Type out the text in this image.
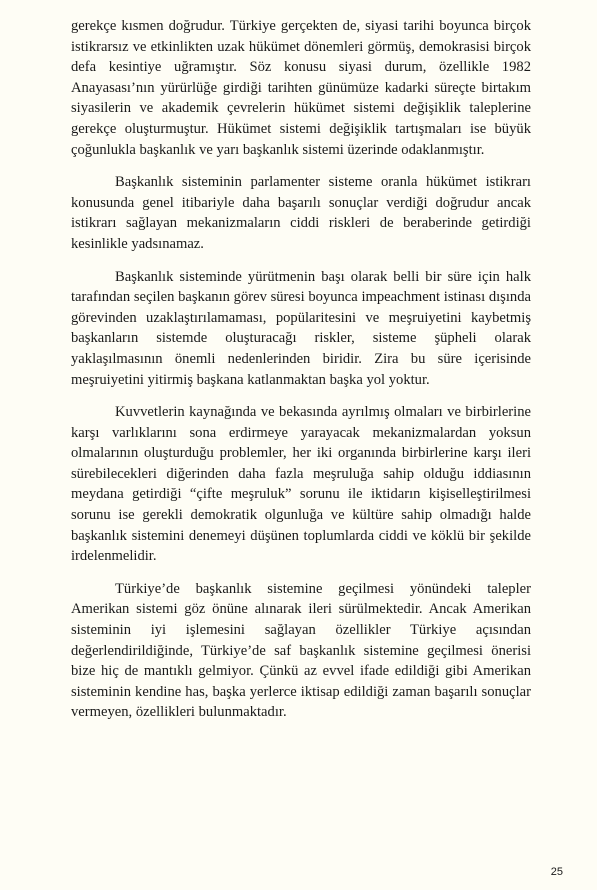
gerekçe kısmen doğrudur. Türkiye gerçekten de, siyasi tarihi boyunca birçok istikrarsız ve etkinlikten uzak hükümet dönemleri görmüş, demokrasisi birçok defa kesintiye uğramıştır. Söz konusu siyasi durum, özellikle 1982 Anayasası’nın yürürlüğe girdiği tarihten günümüze kadarki süreçte birtakım siyasilerin ve akademik çevrelerin hükümet sistemi değişiklik taleplerine gerekçe oluşturmuştur. Hükümet sistemi değişiklik tartışmaları ise büyük çoğunlukla başkanlık ve yarı başkanlık sistemi üzerinde odaklanmıştır.

Başkanlık sisteminin parlamenter sisteme oranla hükümet istikrarı konusunda genel itibariyle daha başarılı sonuçlar verdiği doğrudur ancak istikrarı sağlayan mekanizmaların ciddi riskleri de beraberinde getirdiği kesinlikle yadsınamaz.

Başkanlık sisteminde yürütmenin başı olarak belli bir süre için halk tarafından seçilen başkanın görev süresi boyunca impeachment istinası dışında görevinden uzaklaştırılamaması, popülaritesini ve meşruiyetini kaybetmiş başkanların sistemde oluşturacağı riskler, sisteme şüpheli olarak yaklaşılmasının önemli nedenlerinden biridir. Zira bu süre içerisinde meşruiyetini yitirmiş başkana katlanmaktan başka yol yoktur.

Kuvvetlerin kaynağında ve bekasında ayrılmış olmaları ve birbirlerine karşı varlıklarını sona erdirmeye yarayacak mekanizmalardan yoksun olmalarının oluşturduğu problemler, her iki organında birbirlerine karşı ileri sürebilecekleri diğerinden daha fazla meşruluğa sahip olduğu iddiasının meydana getirdiği “çifte meşruluk” sorunu ile iktidarın kişiselleştirilmesi sorunu ise gerekli demokratik olgunluğa ve kültüre sahip olmadığı halde başkanlık sistemini denemeyi düşünen toplumlarda ciddi ve köklü bir şekilde irdelenmelidir.

Türkiye’de başkanlık sistemine geçilmesi yönündeki talepler Amerikan sistemi göz önüne alınarak ileri sürülmektedir. Ancak Amerikan sisteminin iyi işlemesini sağlayan özellikler Türkiye açısından değerlendirildiğinde, Türkiye’de saf başkanlık sistemine geçilmesi önerisi bize hiç de mantıklı gelmiyor. Çünkü az evvel ifade edildiği gibi Amerikan sisteminin kendine has, başka yerlerce iktisap edildiği zaman başarılı sonuçlar vermeyen, özellikleri bulunmaktadır.

25
